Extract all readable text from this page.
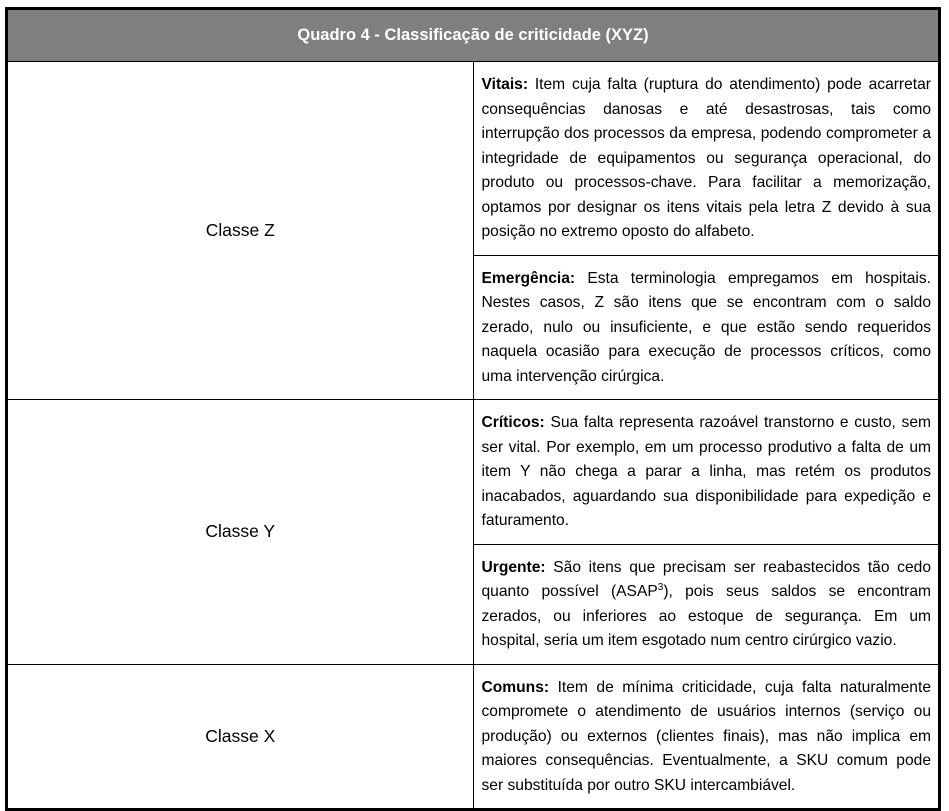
Quadro 4 - Classificação de criticidade (XYZ)	
Classe Z	Vitais: Item cuja falta (ruptura do atendimento) pode acarretar consequências danosas e até desastrosas, tais como interrupção dos processos da empresa, podendo comprometer a integridade de equipamentos ou segurança operacional, do produto ou processos-chave. Para facilitar a memorização, optamos por designar os itens vitais pela letra Z devido à sua posição no extremo oposto do alfabeto.
	Emergência: Esta terminologia empregamos em hospitais. Nestes casos, Z são itens que se encontram com o saldo zerado, nulo ou insuficiente, e que estão sendo requeridos naquela ocasião para execução de processos críticos, como uma intervenção cirúrgica.
Classe Y	Críticos: Sua falta representa razoável transtorno e custo, sem ser vital. Por exemplo, em um processo produtivo a falta de um item Y não chega a parar a linha, mas retém os produtos inacabados, aguardando sua disponibilidade para expedição e faturamento.
	Urgente: São itens que precisam ser reabastecidos tão cedo quanto possível (ASAP$^3$), pois seus saldos se encontram zerados, ou inferiores ao estoque de segurança. Em um hospital, seria um item esgotado num centro cirúrgico vazio.
Classe X	Comuns: Item de mínima criticidade, cuja falta naturalmente compromete o atendimento de usuários internos (serviço ou produção) ou externos (clientes finais), mas não implica em maiores consequências. Eventualmente, a SKU comum pode ser substituída por outro SKU intercambiável.
